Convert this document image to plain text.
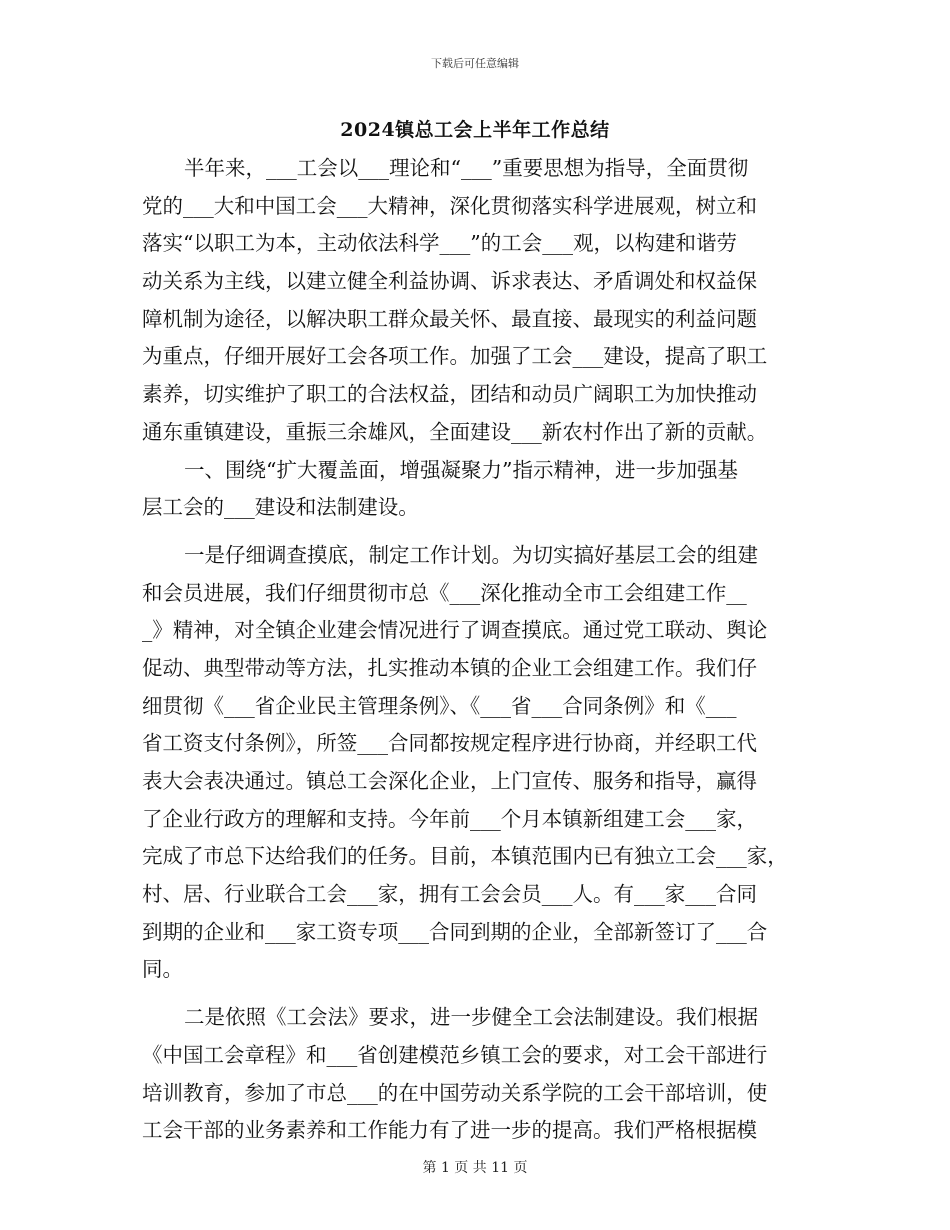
下载后可任意编辑
2024镇总工会上半年工作总结
半年来，___工会以___理论和“___”重要思想为指导，全面贯彻
党的___大和中国工会___大精神，深化贯彻落实科学进展观，树立和
落实“以职工为本，主动依法科学___”的工会___观，以构建和谐劳
动关系为主线，以建立健全利益协调、诉求表达、矛盾调处和权益保
障机制为途径，以解决职工群众最关怀、最直接、最现实的利益问题
为重点，仔细开展好工会各项工作。加强了工会___建设，提高了职工
素养，切实维护了职工的合法权益，团结和动员广阔职工为加快推动
通东重镇建设，重振三余雄风，全面建设___新农村作出了新的贡献。
一、围绕“扩大覆盖面，增强凝聚力”指示精神，进一步加强基
层工会的___建设和法制建设。
一是仔细调查摸底，制定工作计划。为切实搞好基层工会的组建
和会员进展，我们仔细贯彻市总《___深化推动全市工会组建工作__
_》精神，对全镇企业建会情况进行了调查摸底。通过党工联动、舆论
促动、典型带动等方法，扎实推动本镇的企业工会组建工作。我们仔
细贯彻《___省企业民主管理条例》、《___省___合同条例》和《___
省工资支付条例》，所签___合同都按规定程序进行协商，并经职工代
表大会表决通过。镇总工会深化企业，上门宣传、服务和指导，赢得
了企业行政方的理解和支持。今年前___个月本镇新组建工会___家，
完成了市总下达给我们的任务。目前，本镇范围内已有独立工会___家，
村、居、行业联合工会___家，拥有工会会员___人。有___家___合同
到期的企业和___家工资专项___合同到期的企业，全部新签订了___合
同。
二是依照《工会法》要求，进一步健全工会法制建设。我们根据
《中国工会章程》和___省创建模范乡镇工会的要求，对工会干部进行
培训教育，参加了市总___的在中国劳动关系学院的工会干部培训，使
工会干部的业务素养和工作能力有了进一步的提高。我们严格根据模
第 1 页 共 11 页
